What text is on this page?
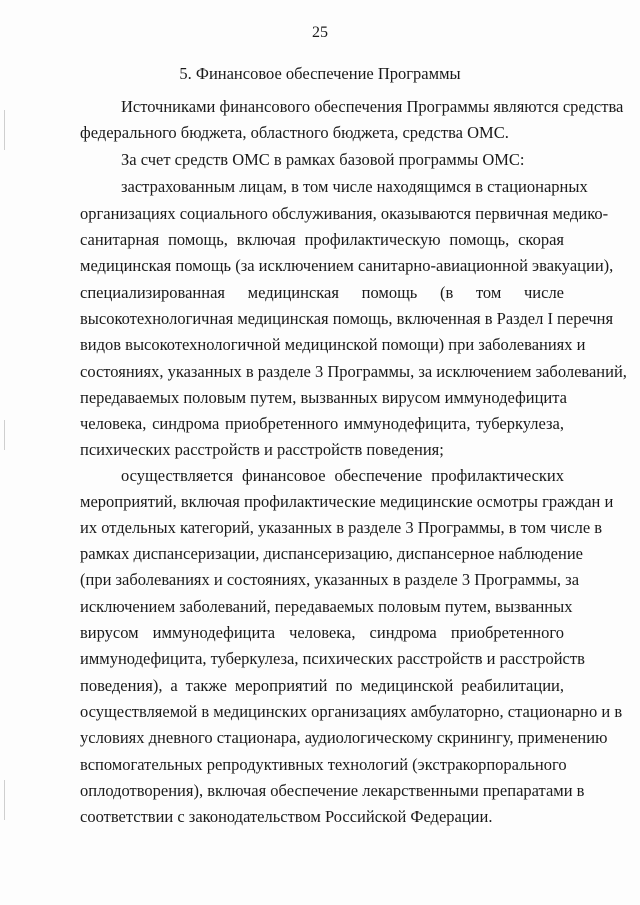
25
5. Финансовое обеспечение Программы
Источниками финансового обеспечения Программы являются средства
федерального бюджета, областного бюджета, средства ОМС.
За счет средств ОМС в рамках базовой программы ОМС:
застрахованным лицам, в том числе находящимся в стационарных
организациях социального обслуживания, оказываются первичная медико-
санитарная помощь, включая профилактическую помощь, скорая
медицинская помощь (за исключением санитарно-авиационной эвакуации),
специализированная медицинская помощь (в том числе
высокотехнологичная медицинская помощь, включенная в Раздел I перечня
видов высокотехнологичной медицинской помощи) при заболеваниях и
состояниях, указанных в разделе 3 Программы, за исключением заболеваний,
передаваемых половым путем, вызванных вирусом иммунодефицита
человека, синдрома приобретенного иммунодефицита, туберкулеза,
психических расстройств и расстройств поведения;
осуществляется финансовое обеспечение профилактических
мероприятий, включая профилактические медицинские осмотры граждан и
их отдельных категорий, указанных в разделе 3 Программы, в том числе в
рамках диспансеризации, диспансеризацию, диспансерное наблюдение
(при заболеваниях и состояниях, указанных в разделе 3 Программы, за
исключением заболеваний, передаваемых половым путем, вызванных
вирусом иммунодефицита человека, синдрома приобретенного
иммунодефицита, туберкулеза, психических расстройств и расстройств
поведения), а также мероприятий по медицинской реабилитации,
осуществляемой в медицинских организациях амбулаторно, стационарно и в
условиях дневного стационара, аудиологическому скринингу, применению
вспомогательных репродуктивных технологий (экстракорпорального
оплодотворения), включая обеспечение лекарственными препаратами в
соответствии с законодательством Российской Федерации.
